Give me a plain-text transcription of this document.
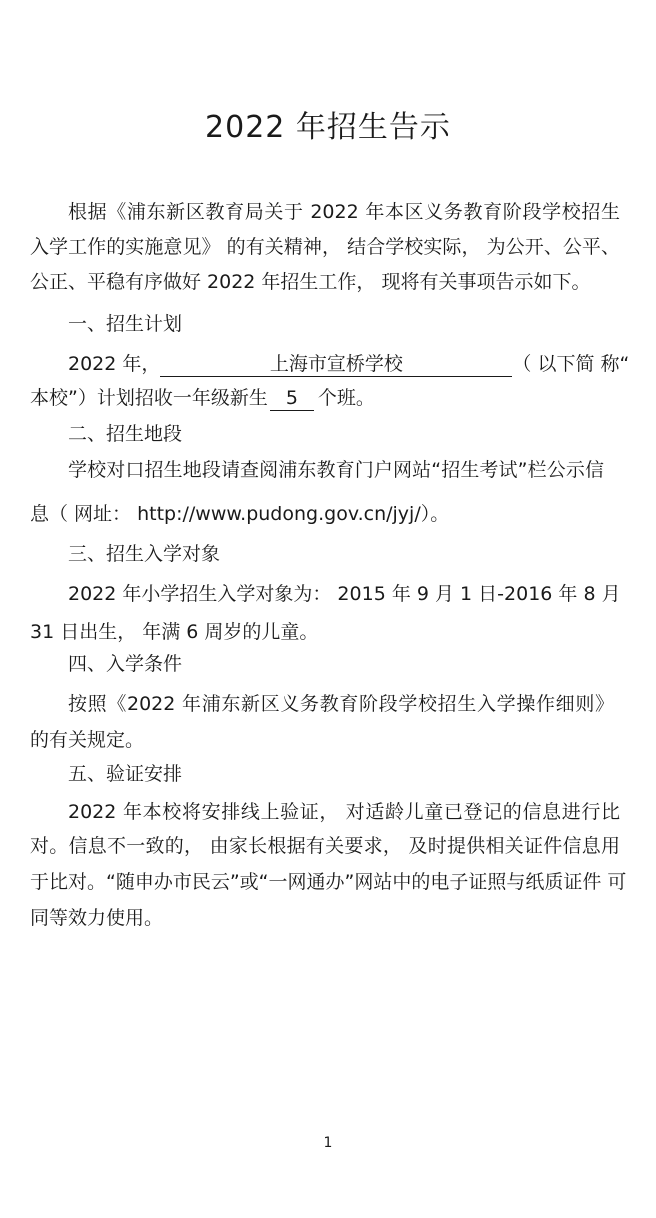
2022 年招生告示
根据《浦东新区教育局关于 2022 年本区义务教育阶段学校招生
入学工作的实施意见》 的有关精神， 结合学校实际， 为公开、公平、
公正、平稳有序做好 2022 年招生工作， 现将有关事项告示如下。
一、招生计划
2022 年，	上海市宣桥学校	（ 以下简 称“
本校”）计划招收一年级新生 5 个班。
二、招生地段
学校对口招生地段请查阅浦东教育门户网站“招生考试”栏公示信
息（ 网址： http://www.pudong.gov.cn/jyj/）。
三、招生入学对象
2022 年小学招生入学对象为： 2015 年 9 月 1 日-2016 年 8 月
31 日出生， 年满 6 周岁的儿童。
四、入学条件
按照《2022 年浦东新区义务教育阶段学校招生入学操作细则》
的有关规定。
五、验证安排
2022 年本校将安排线上验证， 对适龄儿童已登记的信息进行比
对。信息不一致的， 由家长根据有关要求， 及时提供相关证件信息用
于比对。“随申办市民云”或“一网通办”网站中的电子证照与纸质证件 可
同等效力使用。
1
